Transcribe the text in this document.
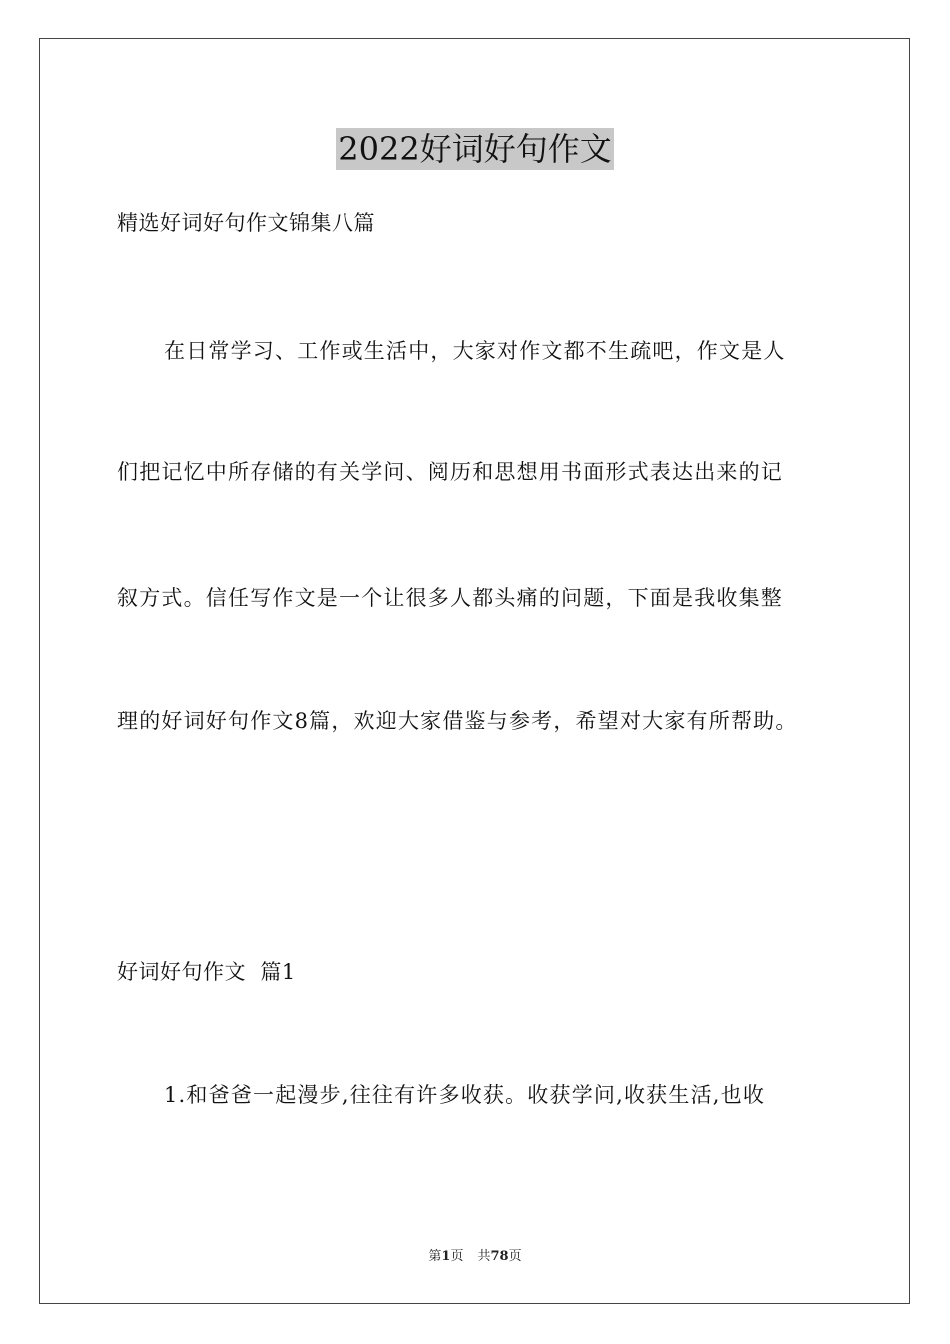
2022好词好句作文
精选好词好句作文锦集八篇
在日常学习、工作或生活中，大家对作文都不生疏吧，作文是人
们把记忆中所存储的有关学问、阅历和思想用书面形式表达出来的记
叙方式。信任写作文是一个让很多人都头痛的问题，下面是我收集整
理的好词好句作文8篇，欢迎大家借鉴与参考，希望对大家有所帮助。
好词好句作文  篇1
1.和爸爸一起漫步,往往有许多收获。收获学问,收获生活,也收
第1页 共78页
